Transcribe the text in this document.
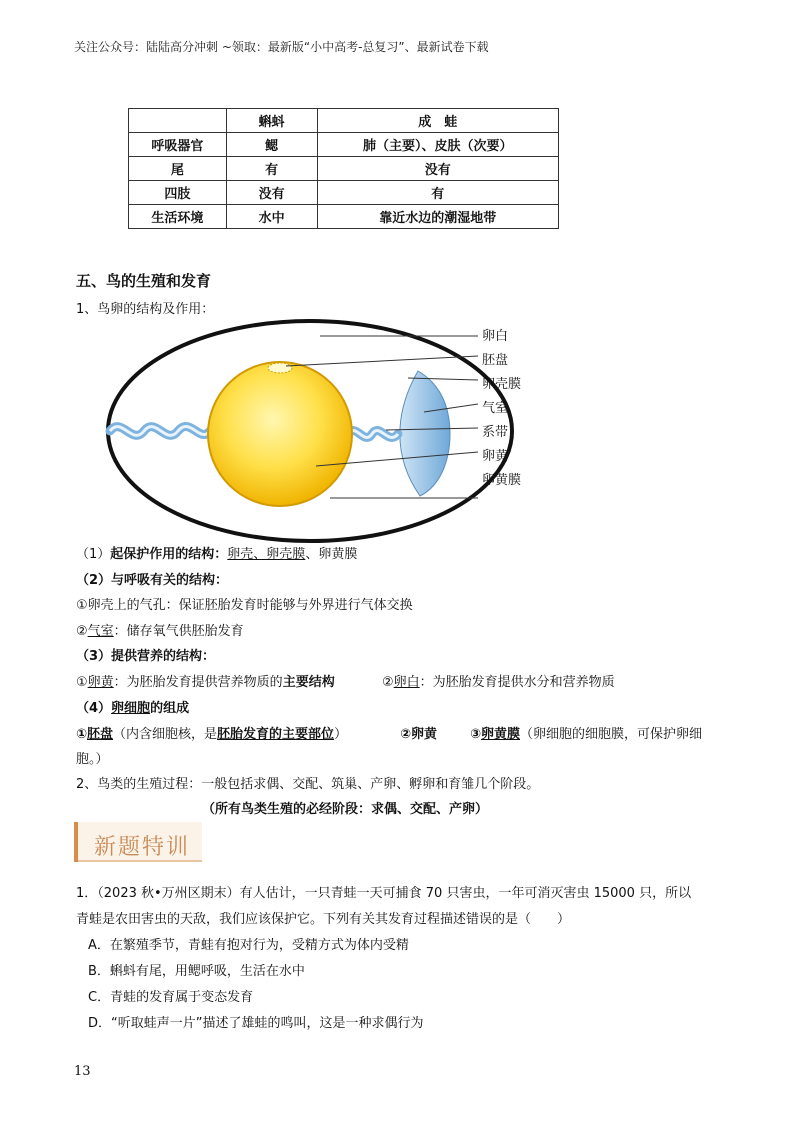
关注公众号：陆陆高分冲刺 ~领取：最新版“小中高考-总复习”、最新试卷下载
	蝌蚪	成　蛙
呼吸器官	鳃	肺（主要）、皮肤（次要）
尾	有	没有
四肢	没有	有
生活环境	水中	靠近水边的潮湿地带
五、鸟的生殖和发育
1、鸟卵的结构及作用：
卵白
胚盘
卵壳膜
气室
系带
卵黄
卵黄膜
（1）起保护作用的结构：卵壳、卵壳膜、卵黄膜
（2）与呼吸有关的结构：
①卵壳上的气孔：保证胚胎发育时能够与外界进行气体交换
②气室：储存氧气供胚胎发育
（3）提供营养的结构：
①卵黄：为胚胎发育提供营养物质的主要结构	②卵白：为胚胎发育提供水分和营养物质
（4）卵细胞的组成
①胚盘（内含细胞核，是胚胎发育的主要部位）	②卵黄	③卵黄膜（卵细胞的细胞膜，可保护卵细
胞。）
2、鸟类的生殖过程：一般包括求偶、交配、筑巢、产卵、孵卵和育雏几个阶段。
（所有鸟类生殖的必经阶段：求偶、交配、产卵）
新题特训
1．（2023 秋•万州区期末）有人估计，一只青蛙一天可捕食 70 只害虫，一年可消灭害虫 15000 只，所以
青蛙是农田害虫的天敌，我们应该保护它。下列有关其发育过程描述错误的是（　　）
A．在繁殖季节，青蛙有抱对行为，受精方式为体内受精
B．蝌蚪有尾，用鳃呼吸，生活在水中
C．青蛙的发育属于变态发育
D．“听取蛙声一片”描述了雄蛙的鸣叫，这是一种求偶行为
13
